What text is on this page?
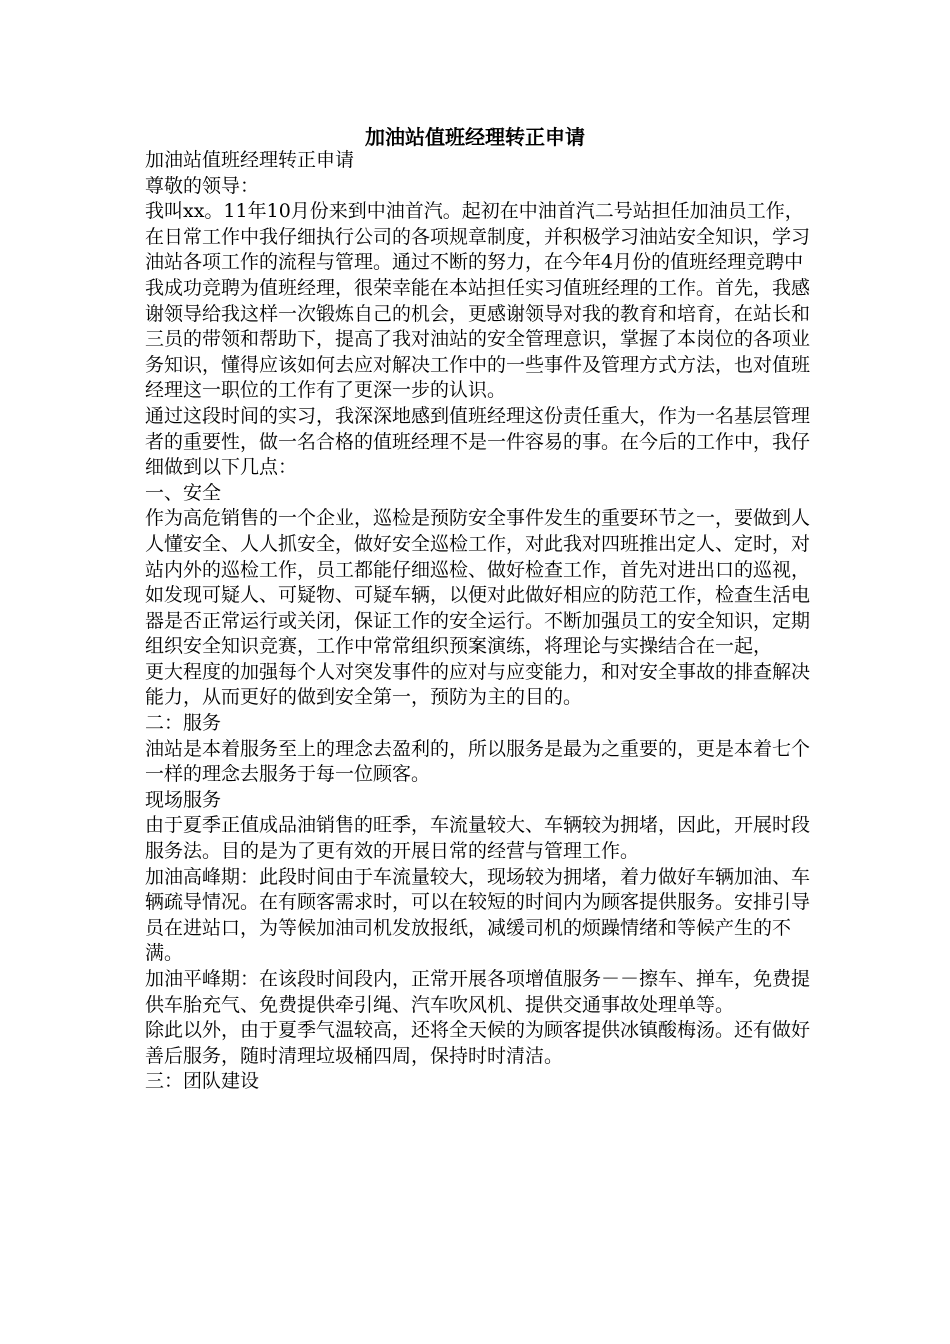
加油站值班经理转正申请

加油站值班经理转正申请

尊敬的领导：

我叫xx。11年10月份来到中油首汽。起初在中油首汽二号站担任加油员工作，在日常工作中我仔细执行公司的各项规章制度，并积极学习油站安全知识，学习油站各项工作的流程与管理。通过不断的努力，在今年4月份的值班经理竞聘中我成功竞聘为值班经理，很荣幸能在本站担任实习值班经理的工作。首先，我感谢领导给我这样一次锻炼自己的机会，更感谢领导对我的教育和培育，在站长和三员的带领和帮助下，提高了我对油站的安全管理意识，掌握了本岗位的各项业务知识，懂得应该如何去应对解决工作中的一些事件及管理方式方法，也对值班经理这一职位的工作有了更深一步的认识。

通过这段时间的实习，我深深地感到值班经理这份责任重大，作为一名基层管理者的重要性，做一名合格的值班经理不是一件容易的事。在今后的工作中，我仔细做到以下几点：

一、安全

作为高危销售的一个企业，巡检是预防安全事件发生的重要环节之一，要做到人人懂安全、人人抓安全，做好安全巡检工作，对此我对四班推出定人、定时，对站内外的巡检工作，员工都能仔细巡检、做好检查工作，首先对进出口的巡视，如发现可疑人、可疑物、可疑车辆，以便对此做好相应的防范工作，检查生活电器是否正常运行或关闭，保证工作的安全运行。不断加强员工的安全知识，定期组织安全知识竞赛，工作中常常组织预案演练，将理论与实操结合在一起，

更大程度的加强每个人对突发事件的应对与应变能力，和对安全事故的排查解决能力，从而更好的做到安全第一，预防为主的目的。

二：服务

油站是本着服务至上的理念去盈利的，所以服务是最为之重要的，更是本着七个一样的理念去服务于每一位顾客。

现场服务

由于夏季正值成品油销售的旺季，车流量较大、车辆较为拥堵，因此，开展时段服务法。目的是为了更有效的开展日常的经营与管理工作。

加油高峰期：此段时间由于车流量较大，现场较为拥堵，着力做好车辆加油、车辆疏导情况。在有顾客需求时，可以在较短的时间内为顾客提供服务。安排引导员在进站口，为等候加油司机发放报纸，减缓司机的烦躁情绪和等候产生的不满。

加油平峰期：在该段时间段内，正常开展各项增值服务－－擦车、掸车，免费提供车胎充气、免费提供牵引绳、汽车吹风机、提供交通事故处理单等。

除此以外，由于夏季气温较高，还将全天候的为顾客提供冰镇酸梅汤。还有做好善后服务，随时清理垃圾桶四周，保持时时清洁。

三：团队建设
